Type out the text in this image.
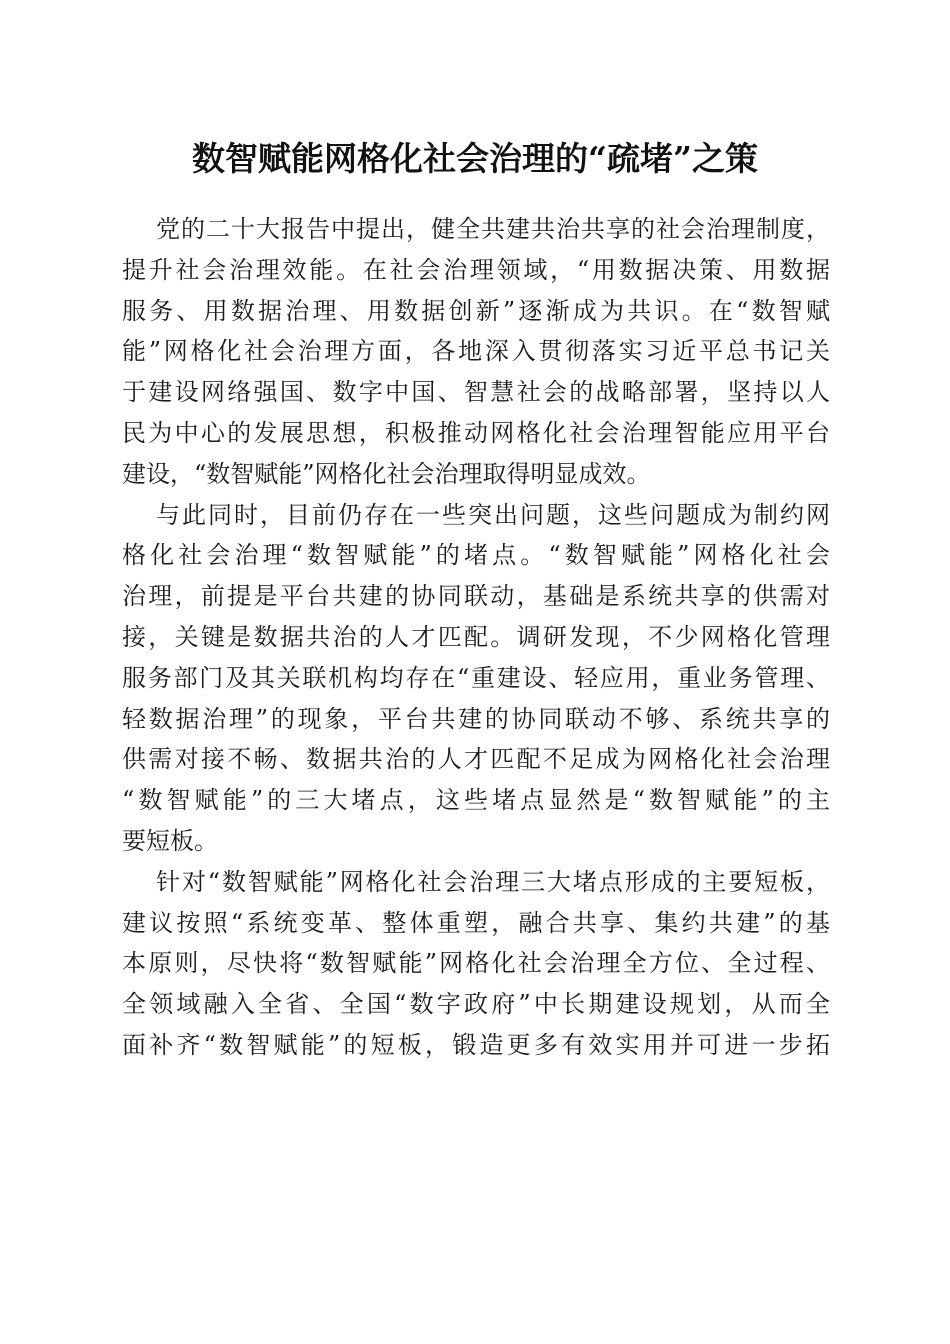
数智赋能网格化社会治理的“疏堵”之策

党的二十大报告中提出，健全共建共治共享的社会治理制度，
提升社会治理效能。在社会治理领域，“用数据决策、用数据
服务、用数据治理、用数据创新”逐渐成为共识。在“数智赋
能”网格化社会治理方面，各地深入贯彻落实习近平总书记关
于建设网络强国、数字中国、智慧社会的战略部署，坚持以人
民为中心的发展思想，积极推动网格化社会治理智能应用平台
建设，“数智赋能”网格化社会治理取得明显成效。

与此同时，目前仍存在一些突出问题，这些问题成为制约网
格化社会治理“数智赋能”的堵点。“数智赋能”网格化社会
治理，前提是平台共建的协同联动，基础是系统共享的供需对
接，关键是数据共治的人才匹配。调研发现，不少网格化管理
服务部门及其关联机构均存在“重建设、轻应用，重业务管理、
轻数据治理”的现象，平台共建的协同联动不够、系统共享的
供需对接不畅、数据共治的人才匹配不足成为网格化社会治理
“数智赋能”的三大堵点，这些堵点显然是“数智赋能”的主
要短板。

针对“数智赋能”网格化社会治理三大堵点形成的主要短板，
建议按照“系统变革、整体重塑，融合共享、集约共建”的基
本原则，尽快将“数智赋能”网格化社会治理全方位、全过程、
全领域融入全省、全国“数字政府”中长期建设规划，从而全
面补齐“数智赋能”的短板，锻造更多有效实用并可进一步拓
